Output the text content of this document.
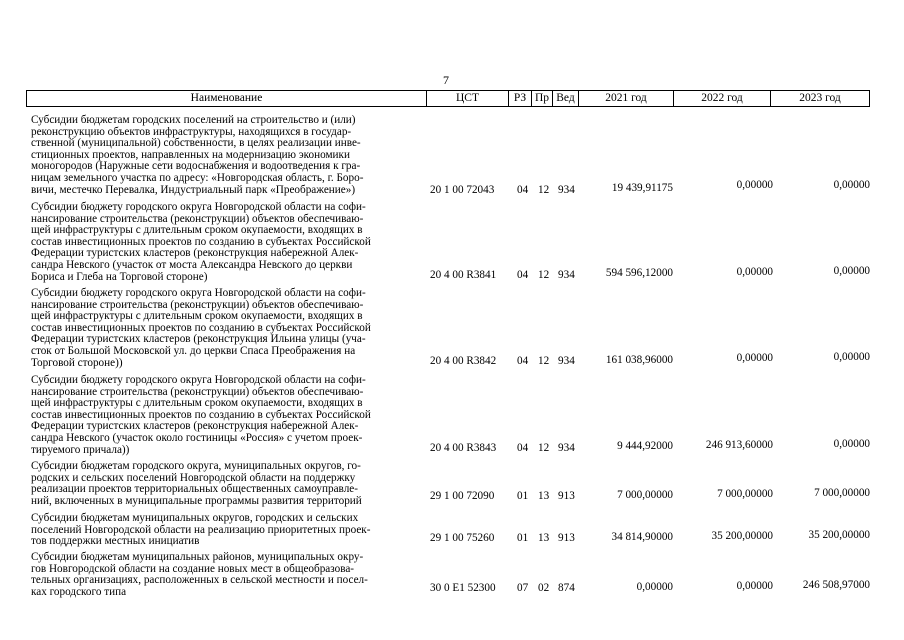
7
Наименование	ЦСТ	РЗ Пр Вед	2021 год	2022 год	2023 год
Субсидии бюджетам городских поселений на строительство и (или)
реконструкцию объектов инфраструктуры, находящихся в государ-
ственной (муниципальной) собственности, в целях реализации инве-
стиционных проектов, направленных на модернизацию экономики
моногородов (Наружные сети водоснабжения и водоотведения к гра-
ницам земельного участка по адресу: «Новгородская область, г. Боро-
вичи, местечко Перевалка, Индустриальный парк «Преображение»)	20 1 00 72043 04 12 934	19 439,91175	0,00000	0,00000
Субсидии бюджету городского округа Новгородской области на софи-
нансирование строительства (реконструкции) объектов обеспечиваю-
щей инфраструктуры с длительным сроком окупаемости, входящих в
состав инвестиционных проектов по созданию в субъектах Российской
Федерации туристских кластеров (реконструкция набережной Алек-
сандра Невского (участок от моста Александра Невского до церкви
Бориса и Глеба на Торговой стороне)	20 4 00 R3841 04 12 934	594 596,12000	0,00000	0,00000
Субсидии бюджету городского округа Новгородской области на софи-
нансирование строительства (реконструкции) объектов обеспечиваю-
щей инфраструктуры с длительным сроком окупаемости, входящих в
состав инвестиционных проектов по созданию в субъектах Российской
Федерации туристских кластеров (реконструкция Ильина улицы (уча-
сток от Большой Московской ул. до церкви Спаса Преображения на
Торговой стороне))	20 4 00 R3842 04 12 934	161 038,96000	0,00000	0,00000
Субсидии бюджету городского округа Новгородской области на софи-
нансирование строительства (реконструкции) объектов обеспечиваю-
щей инфраструктуры с длительным сроком окупаемости, входящих в
состав инвестиционных проектов по созданию в субъектах Российской
Федерации туристских кластеров (реконструкция набережной Алек-
сандра Невского (участок около гостиницы «Россия» с учетом проек-
тируемого причала))	20 4 00 R3843 04 12 934	9 444,92000	246 913,60000	0,00000
Субсидии бюджетам городского округа, муниципальных округов, го-
родских и сельских поселений Новгородской области на поддержку
реализации проектов территориальных общественных самоуправле-
ний, включенных в муниципальные программы развития территорий	29 1 00 72090 01 13 913	7 000,00000	7 000,00000	7 000,00000
Субсидии бюджетам муниципальных округов, городских и сельских
поселений Новгородской области на реализацию приоритетных проек-
тов поддержки местных инициатив	29 1 00 75260 01 13 913	34 814,90000	35 200,00000	35 200,00000
Субсидии бюджетам муниципальных районов, муниципальных окру-
гов Новгородской области на создание новых мест в общеобразова-
тельных организациях, расположенных в сельской местности и посел-
ках городского типа	30 0 E1 52300 07 02 874	0,00000	0,00000	246 508,97000
